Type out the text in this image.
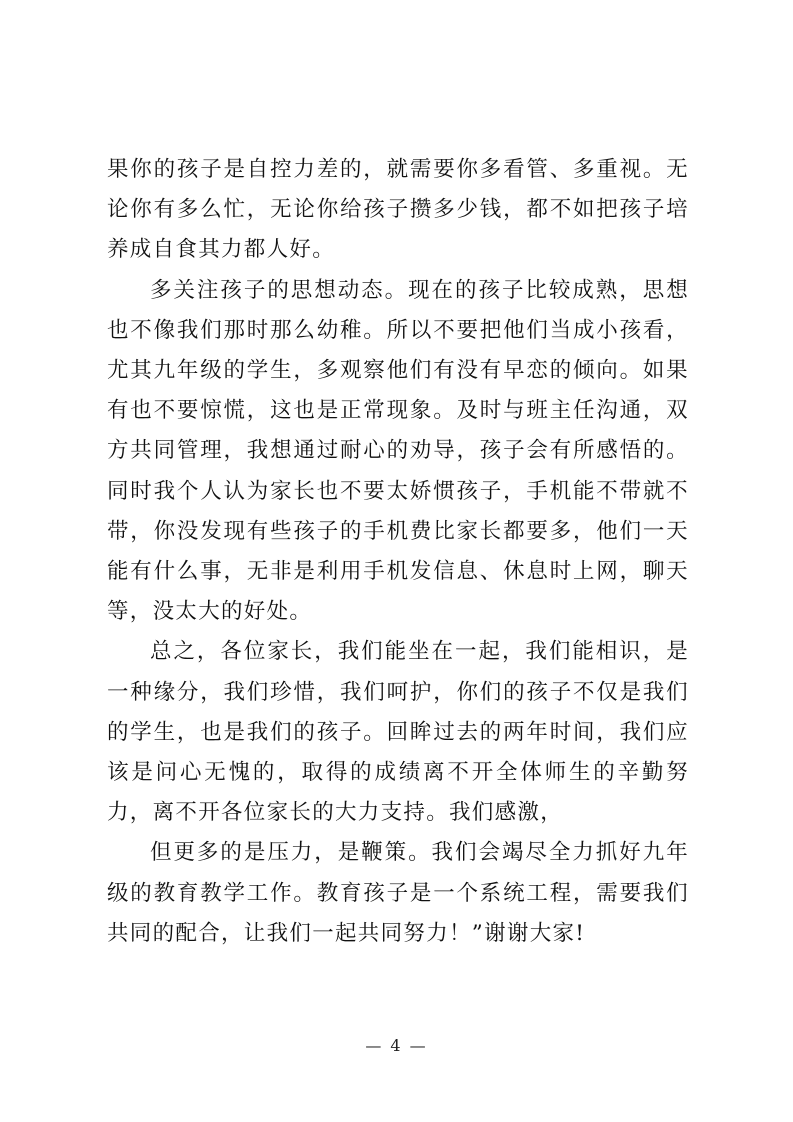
果你的孩子是自控力差的，就需要你多看管、多重视。无论你有多么忙，无论你给孩子攒多少钱，都不如把孩子培养成自食其力都人好。

多关注孩子的思想动态。现在的孩子比较成熟，思想也不像我们那时那么幼稚。所以不要把他们当成小孩看，尤其九年级的学生，多观察他们有没有早恋的倾向。如果有也不要惊慌，这也是正常现象。及时与班主任沟通，双方共同管理，我想通过耐心的劝导，孩子会有所感悟的。同时我个人认为家长也不要太娇惯孩子，手机能不带就不带，你没发现有些孩子的手机费比家长都要多，他们一天能有什么事，无非是利用手机发信息、休息时上网，聊天等，没太大的好处。

总之，各位家长，我们能坐在一起，我们能相识，是一种缘分，我们珍惜，我们呵护，你们的孩子不仅是我们的学生，也是我们的孩子。回眸过去的两年时间，我们应该是问心无愧的，取得的成绩离不开全体师生的辛勤努力，离不开各位家长的大力支持。我们感激，

但更多的是压力，是鞭策。我们会竭尽全力抓好九年级的教育教学工作。教育孩子是一个系统工程，需要我们共同的配合，让我们一起共同努力！”谢谢大家!

— 4 —
